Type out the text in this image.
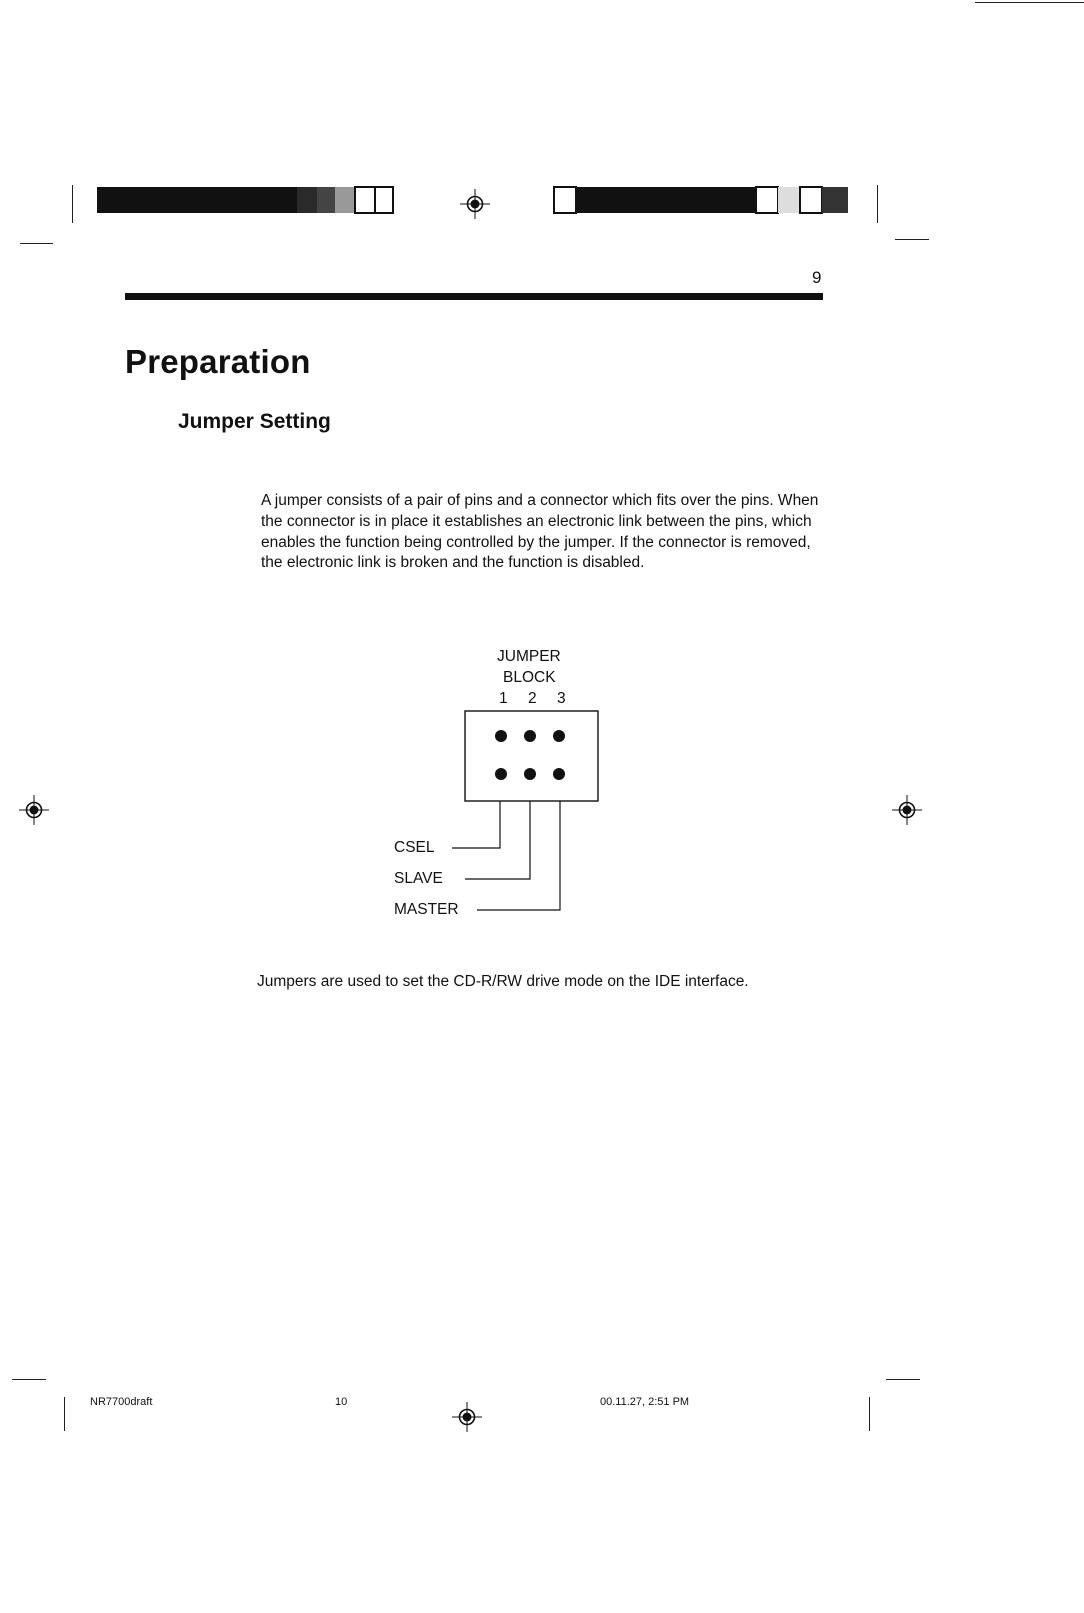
9
Preparation
Jumper Setting
A jumper consists of a pair of pins and a connector which fits over the pins. When the connector is in place it establishes an electronic link between the pins, which enables the function being controlled by the jumper. If the connector is removed, the electronic link is broken and the function is disabled.
JUMPER
BLOCK
1 2 3
CSEL
SLAVE
MASTER
Jumpers are used to set the CD-R/RW drive mode on the IDE interface.
NR7700draft	10	00.11.27, 2:51 PM
